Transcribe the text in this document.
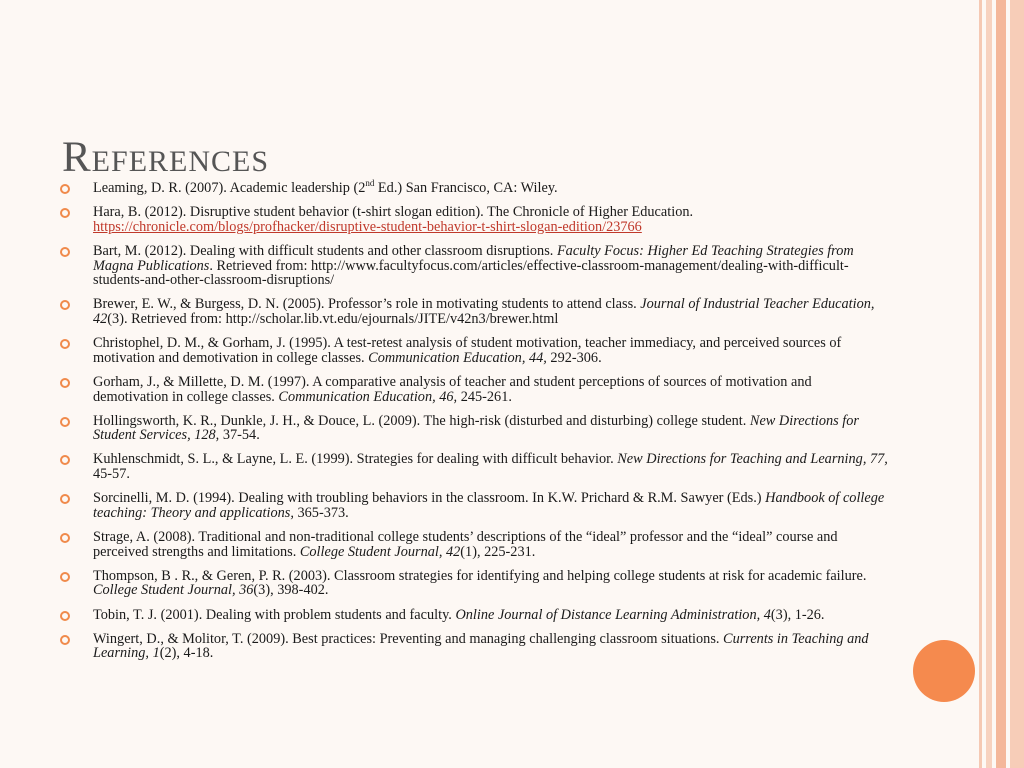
References
Leaming, D. R. (2007). Academic leadership (2nd Ed.) San Francisco, CA: Wiley.
Hara, B. (2012). Disruptive student behavior (t-shirt slogan edition). The Chronicle of Higher Education. https://chronicle.com/blogs/profhacker/disruptive-student-behavior-t-shirt-slogan-edition/23766
Bart, M. (2012). Dealing with difficult students and other classroom disruptions. Faculty Focus: Higher Ed Teaching Strategies from Magna Publications. Retrieved from: http://www.facultyfocus.com/articles/effective-classroom-management/dealing-with-difficult-students-and-other-classroom-disruptions/
Brewer, E. W., & Burgess, D. N. (2005). Professor’s role in motivating students to attend class. Journal of Industrial Teacher Education, 42(3). Retrieved from: http://scholar.lib.vt.edu/ejournals/JITE/v42n3/brewer.html
Christophel, D. M., & Gorham, J. (1995). A test-retest analysis of student motivation, teacher immediacy, and perceived sources of motivation and demotivation in college classes. Communication Education, 44, 292-306.
Gorham, J., & Millette, D. M. (1997). A comparative analysis of teacher and student perceptions of sources of motivation and demotivation in college classes. Communication Education, 46, 245-261.
Hollingsworth, K. R., Dunkle, J. H., & Douce, L. (2009). The high-risk (disturbed and disturbing) college student. New Directions for Student Services, 128, 37-54.
Kuhlenschmidt, S. L., & Layne, L. E. (1999). Strategies for dealing with difficult behavior. New Directions for Teaching and Learning, 77, 45-57.
Sorcinelli, M. D. (1994). Dealing with troubling behaviors in the classroom. In K.W. Prichard & R.M. Sawyer (Eds.) Handbook of college teaching: Theory and applications, 365-373.
Strage, A. (2008). Traditional and non-traditional college students’ descriptions of the “ideal” professor and the “ideal” course and perceived strengths and limitations. College Student Journal, 42(1), 225-231.
Thompson, B . R., & Geren, P. R. (2003). Classroom strategies for identifying and helping college students at risk for academic failure. College Student Journal, 36(3), 398-402.
Tobin, T. J. (2001). Dealing with problem students and faculty. Online Journal of Distance Learning Administration, 4(3), 1-26.
Wingert, D., & Molitor, T. (2009). Best practices: Preventing and managing challenging classroom situations. Currents in Teaching and Learning, 1(2), 4-18.
